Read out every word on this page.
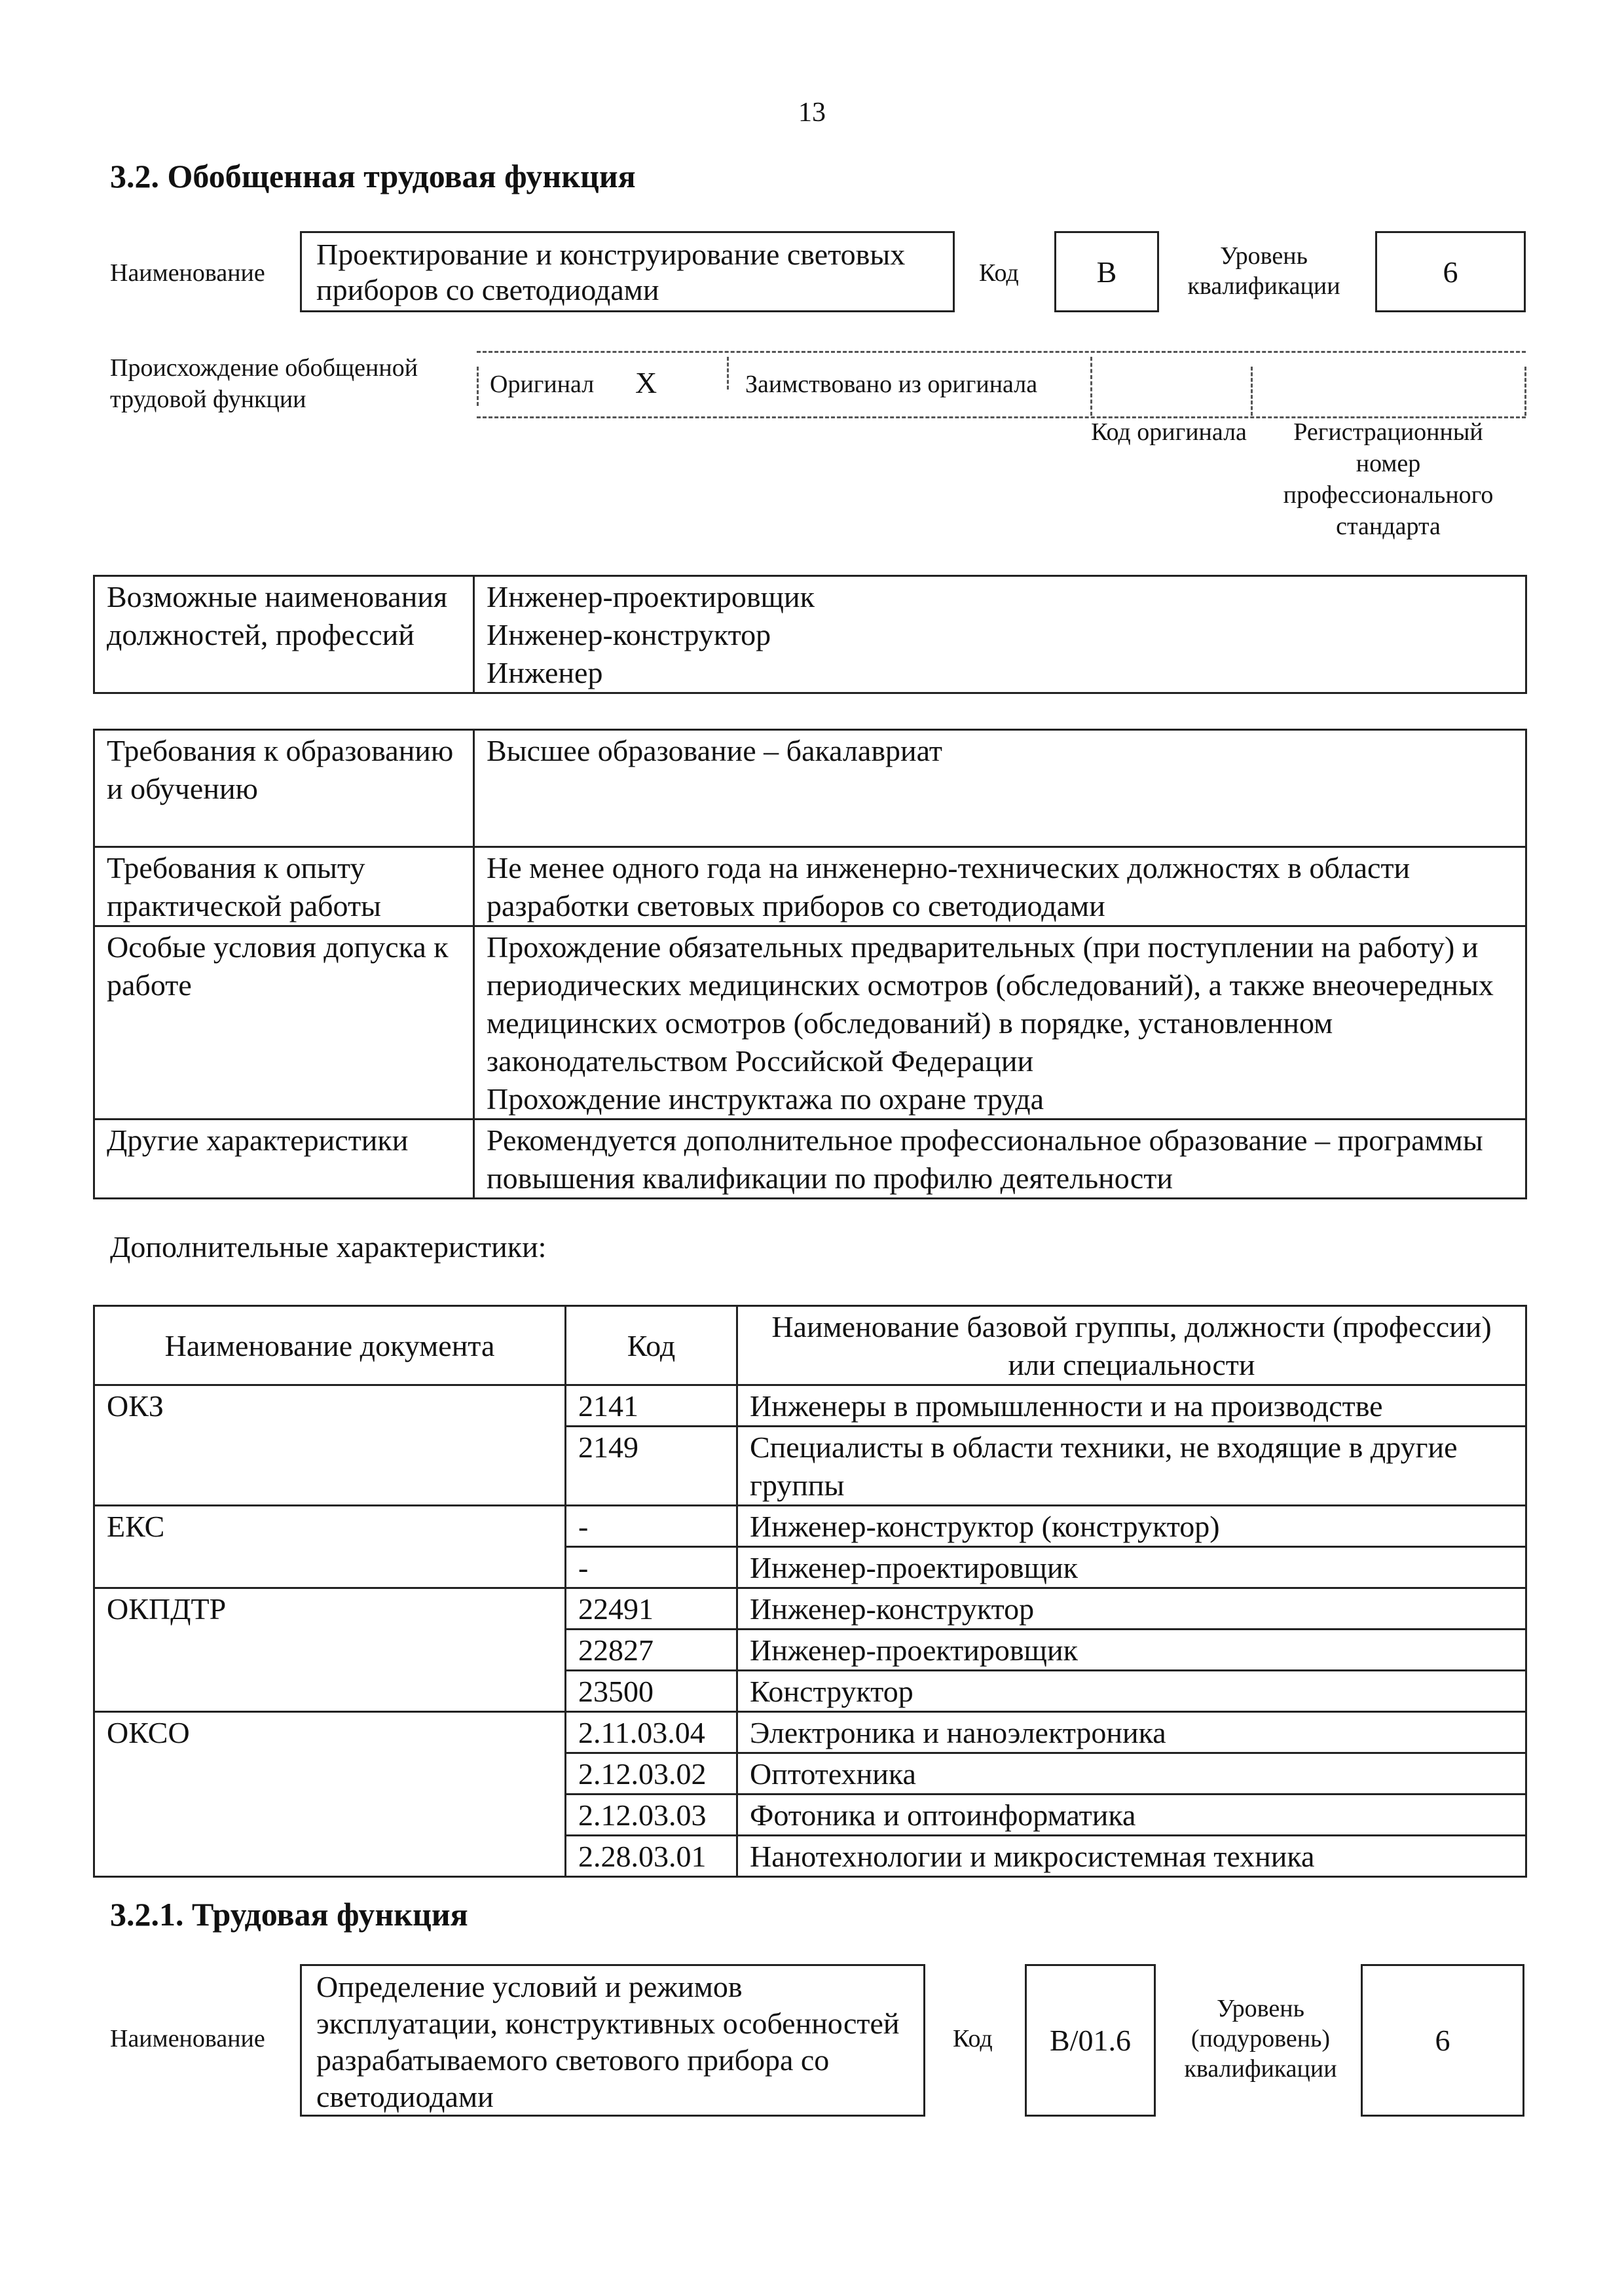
13
3.2. Обобщенная трудовая функция
Наименование
Проектирование и конструирование световых приборов со светодиодами	Код	В	Уровень квалификации	6
Происхождение обобщенной трудовой функции
Оригинал Х	Заимствовано из оригинала
Код оригинала	Регистрационный номер профессионального стандарта
Возможные наименования должностей, профессий	
Инженер-проектировщик
Инженер-конструктор
Инженер
Требования к образованию и обучению	Высшее образование – бакалавриат
Требования к опыту практической работы	Не менее одного года на инженерно-технических должностях в области разработки световых приборов со светодиодами
Особые условия допуска к работе	Прохождение обязательных предварительных (при поступлении на работу) и периодических медицинских осмотров (обследований), а также внеочередных медицинских осмотров (обследований) в порядке, установленном законодательством Российской Федерации
Прохождение инструктажа по охране труда

Другие характеристики	Рекомендуется дополнительное профессиональное образование – программы повышения квалификации по профилю деятельности
Дополнительные характеристики:
Наименование документа	Код	Наименование базовой группы, должности (профессии) или специальности
ОКЗ	2141	Инженеры в промышленности и на производстве
	2149	Специалисты в области техники, не входящие в другие группы
ЕКС	-	Инженер-конструктор (конструктор)
	-	Инженер-проектировщик
ОКПДТР	22491	Инженер-конструктор
	22827	Инженер-проектировщик
	23500	Конструктор
ОКСО	2.11.03.04	Электроника и наноэлектроника
	2.12.03.02	Оптотехника
	2.12.03.03	Фотоника и оптоинформатика
	2.28.03.01	Нанотехнологии и микросистемная техника
3.2.1. Трудовая функция
Наименование
Определение условий и режимов эксплуатации, конструктивных особенностей разрабатываемого светового прибора со светодиодами
Код В/01.6
Уровень (подуровень) квалификации
6
